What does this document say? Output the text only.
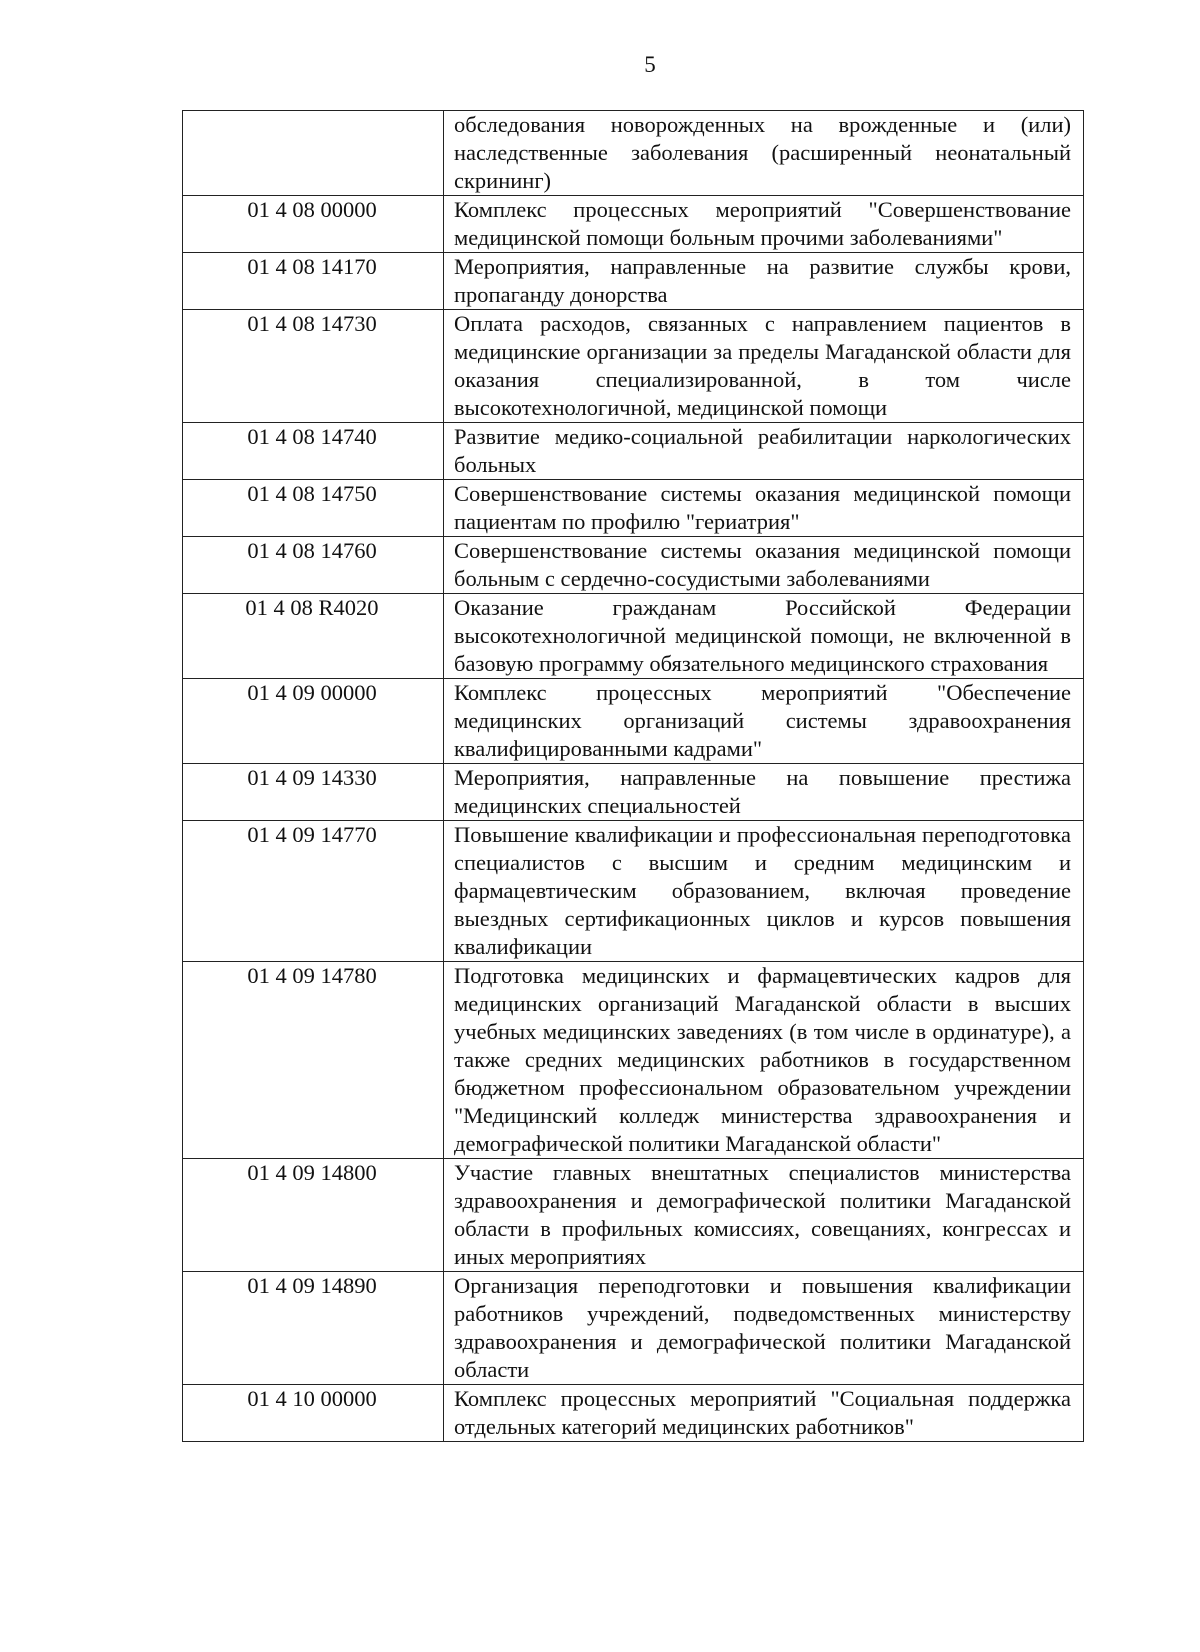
5
	обследования новорожденных на врожденные и (или) наследственные заболевания (расширенный неонатальный скрининг)
01 4 08 00000	Комплекс процессных мероприятий "Совершенствование медицинской помощи больным прочими заболеваниями"
01 4 08 14170	Мероприятия, направленные на развитие службы крови, пропаганду донорства
01 4 08 14730	Оплата расходов, связанных с направлением пациентов в медицинские организации за пределы Магаданской области для оказания специализированной, в том числе высокотехнологичной, медицинской помощи
01 4 08 14740	Развитие медико-социальной реабилитации наркологических больных
01 4 08 14750	Совершенствование системы оказания медицинской помощи пациентам по профилю "гериатрия"
01 4 08 14760	Совершенствование системы оказания медицинской помощи больным с сердечно-сосудистыми заболеваниями
01 4 08 R4020	Оказание гражданам Российской Федерации высокотехнологичной медицинской помощи, не включенной в базовую программу обязательного медицинского страхования
01 4 09 00000	Комплекс процессных мероприятий "Обеспечение медицинских организаций системы здравоохранения квалифицированными кадрами"
01 4 09 14330	Мероприятия, направленные на повышение престижа медицинских специальностей
01 4 09 14770	Повышение квалификации и профессиональная переподготовка специалистов с высшим и средним медицинским и фармацевтическим образованием, включая проведение выездных сертификационных циклов и курсов повышения квалификации
01 4 09 14780	Подготовка медицинских и фармацевтических кадров для медицинских организаций Магаданской области в высших учебных медицинских заведениях (в том числе в ординатуре), а также средних медицинских работников в государственном бюджетном профессиональном образовательном учреждении "Медицинский колледж министерства здравоохранения и демографической политики Магаданской области"
01 4 09 14800	Участие главных внештатных специалистов министерства здравоохранения и демографической политики Магаданской области в профильных комиссиях, совещаниях, конгрессах и иных мероприятиях
01 4 09 14890	Организация переподготовки и повышения квалификации работников учреждений, подведомственных министерству здравоохранения и демографической политики Магаданской области
01 4 10 00000	Комплекс процессных мероприятий "Социальная поддержка отдельных категорий медицинских работников"
